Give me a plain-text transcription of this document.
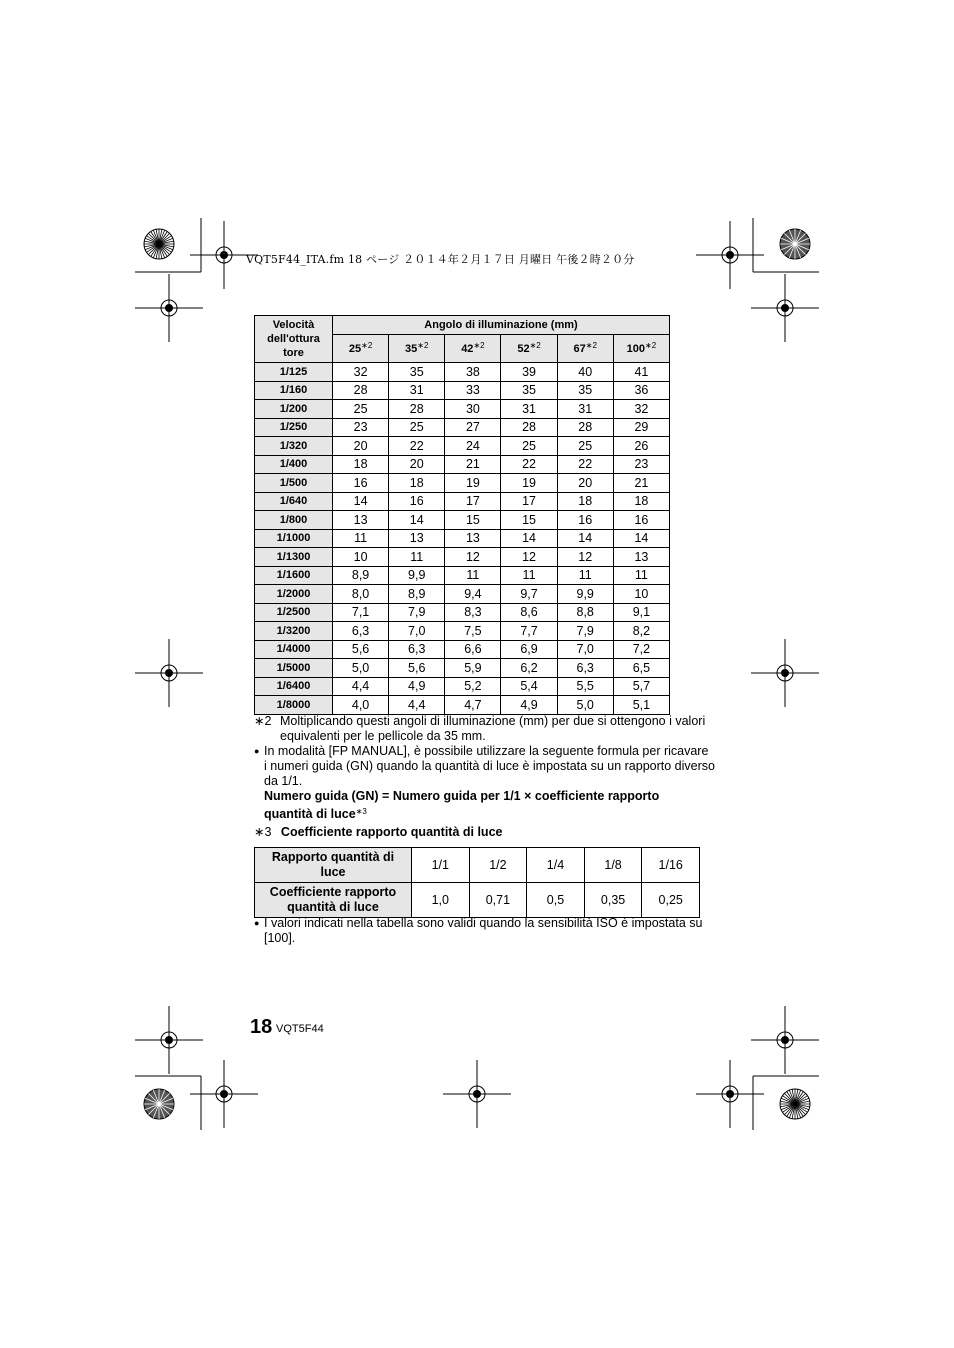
VQT5F44_ITA.fm 18 ページ ２０１４年２月１７日 月曜日 午後２時２０分
Velocità
dell'ottura
tore	Angolo di illuminazione (mm)					
	$25^{∗2}$	$35^{∗2}$	$42^{∗2}$	$52^{∗2}$	$67^{∗2}$	$100^{∗2}$
1/125	32	35	38	39	40	41
1/160	28	31	33	35	35	36
1/200	25	28	30	31	31	32
1/250	23	25	27	28	28	29
1/320	20	22	24	25	25	26
1/400	18	20	21	22	22	23
1/500	16	18	19	19	20	21
1/640	14	16	17	17	18	18
1/800	13	14	15	15	16	16
1/1000	11	13	13	14	14	14
1/1300	10	11	12	12	12	13
1/1600	8,9	9,9	11	11	11	11
1/2000	8,0	8,9	9,4	9,7	9,9	10
1/2500	7,1	7,9	8,3	8,6	8,8	9,1
1/3200	6,3	7,0	7,5	7,7	7,9	8,2
1/4000	5,6	6,3	6,6	6,9	7,0	7,2
1/5000	5,0	5,6	5,9	6,2	6,3	6,5
1/6400	4,4	4,9	5,2	5,4	5,5	5,7
1/8000	4,0	4,4	4,7	4,9	5,0	5,1
∗2 Moltiplicando questi angoli di illuminazione (mm) per due si ottengono i valori
equivalenti per le pellicole da 35 mm.
● In modalità [FP MANUAL], è possibile utilizzare la seguente formula per ricavare
i numeri guida (GN) quando la quantità di luce è impostata su un rapporto diverso
da 1/1.
Numero guida (GN) = Numero guida per 1/1 × coefficiente rapporto
quantità di luce$^{∗3}$
∗3 Coefficiente rapporto quantità di luce
Rapporto quantità di
luce	1/1	1/2	1/4	1/8	1/16

Coefficiente rapporto
quantità di luce	1,0	0,71	0,5	0,35	0,25
● I valori indicati nella tabella sono validi quando la sensibilità ISO è impostata su
[100].
18 VQT5F44
